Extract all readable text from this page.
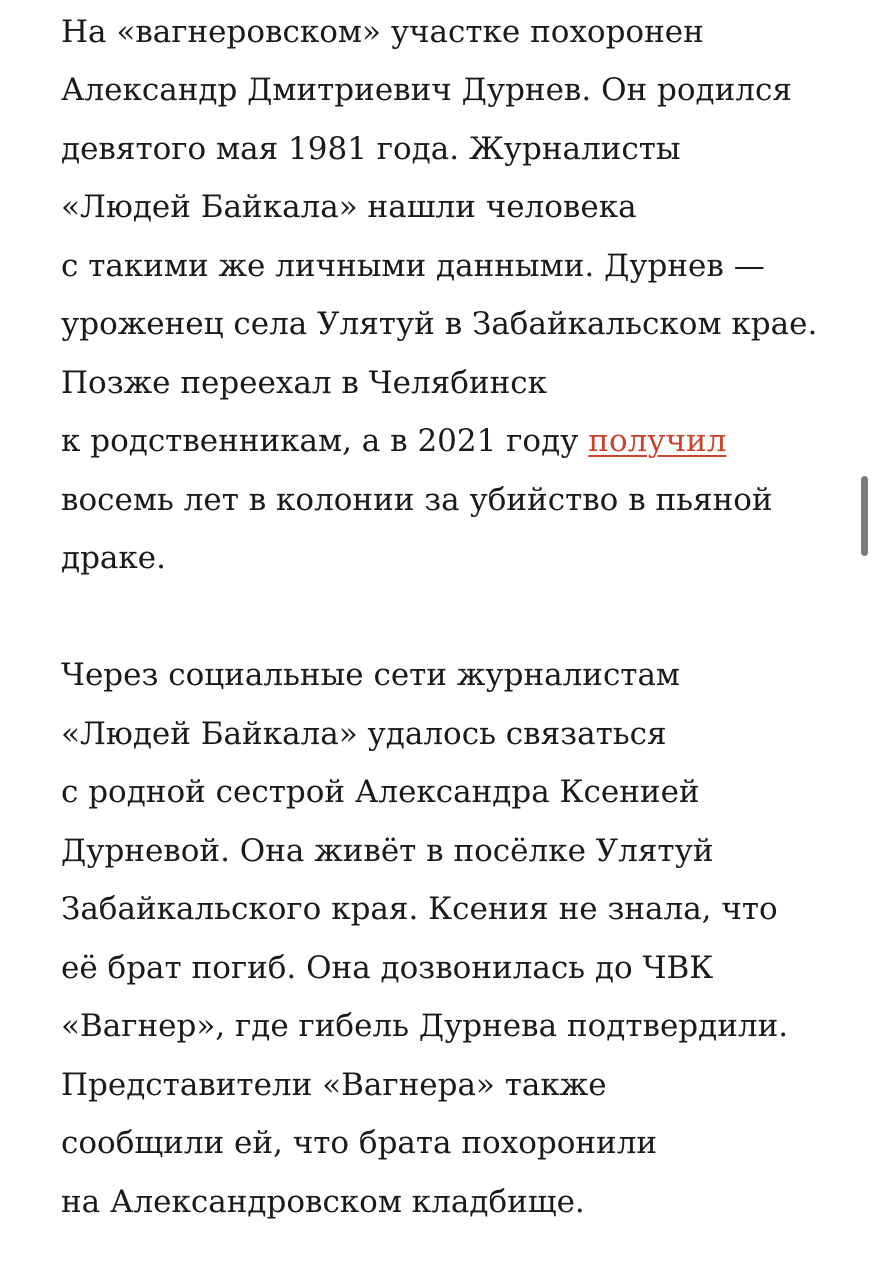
На «вагнеровском» участке похоронен
Александр Дмитриевич Дурнев. Он родился
девятого мая 1981 года. Журналисты
«Людей Байкала» нашли человека
с такими же личными данными. Дурнев —
уроженец села Улятуй в Забайкальском крае.
Позже переехал в Челябинск
к родственникам, а в 2021 году получил
восемь лет в колонии за убийство в пьяной
драке.
Через социальные сети журналистам
«Людей Байкала» удалось связаться
с родной сестрой Александра Ксенией
Дурневой. Она живёт в посёлке Улятуй
Забайкальского края. Ксения не знала, что
её брат погиб. Она дозвонилась до ЧВК
«Вагнер», где гибель Дурнева подтвердили.
Представители «Вагнера» также
сообщили ей, что брата похоронили
на Александровском кладбище.
